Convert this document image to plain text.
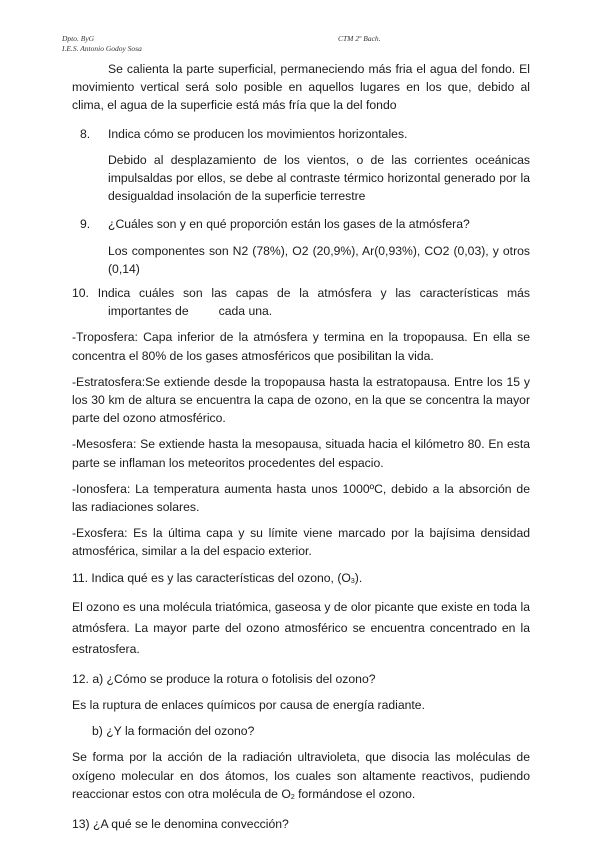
Dpto. ByG
I.E.S. Antonio Godoy Sosa
CTM 2º Bach.

Se calienta la parte superficial, permaneciendo más fria el agua del fondo. El movimiento vertical será solo posible en aquellos lugares en los que, debido al clima, el agua de la superficie está más fría que la del fondo

8. Indica cómo se producen los movimientos horizontales.

Debido al desplazamiento de los vientos, o de las corrientes oceánicas impulsaldas por ellos, se debe al contraste térmico horizontal generado por la desigualdad insolación de la superficie terrestre

9. ¿Cuáles son y en qué proporción están los gases de la atmósfera?

Los componentes son N2 (78%), O2 (20,9%), Ar(0,93%), CO2 (0,03), y otros (0,14)

10. Indica cuáles son las capas de la atmósfera y las características más
importantes de cada una.

-Troposfera: Capa inferior de la atmósfera y termina en la tropopausa. En ella se concentra el 80% de los gases atmosféricos que posibilitan la vida.

-Estratosfera:Se extiende desde la tropopausa hasta la estratopausa. Entre los 15 y los 30 km de altura se encuentra la capa de ozono, en la que se concentra la mayor parte del ozono atmosférico.

-Mesosfera: Se extiende hasta la mesopausa, situada hacia el kilómetro 80. En esta parte se inflaman los meteoritos procedentes del espacio.

-Ionosfera: La temperatura aumenta hasta unos 1000ºC, debido a la absorción de las radiaciones solares.

-Exosfera: Es la última capa y su límite viene marcado por la bajísima densidad atmosférica, similar a la del espacio exterior.

11. Indica qué es y las características del ozono, (O3).

El ozono es una molécula triatómica, gaseosa y de olor picante que existe en toda la atmósfera. La mayor parte del ozono atmosférico se encuentra concentrado en la estratosfera.

12. a) ¿Cómo se produce la rotura o fotolisis del ozono?

Es la ruptura de enlaces químicos por causa de energía radiante.

b) ¿Y la formación del ozono?

Se forma por la acción de la radiación ultravioleta, que disocia las moléculas de oxígeno molecular en dos átomos, los cuales son altamente reactivos, pudiendo reaccionar estos con otra molécula de O2 formándose el ozono.

13) ¿A qué se le denomina convección?
